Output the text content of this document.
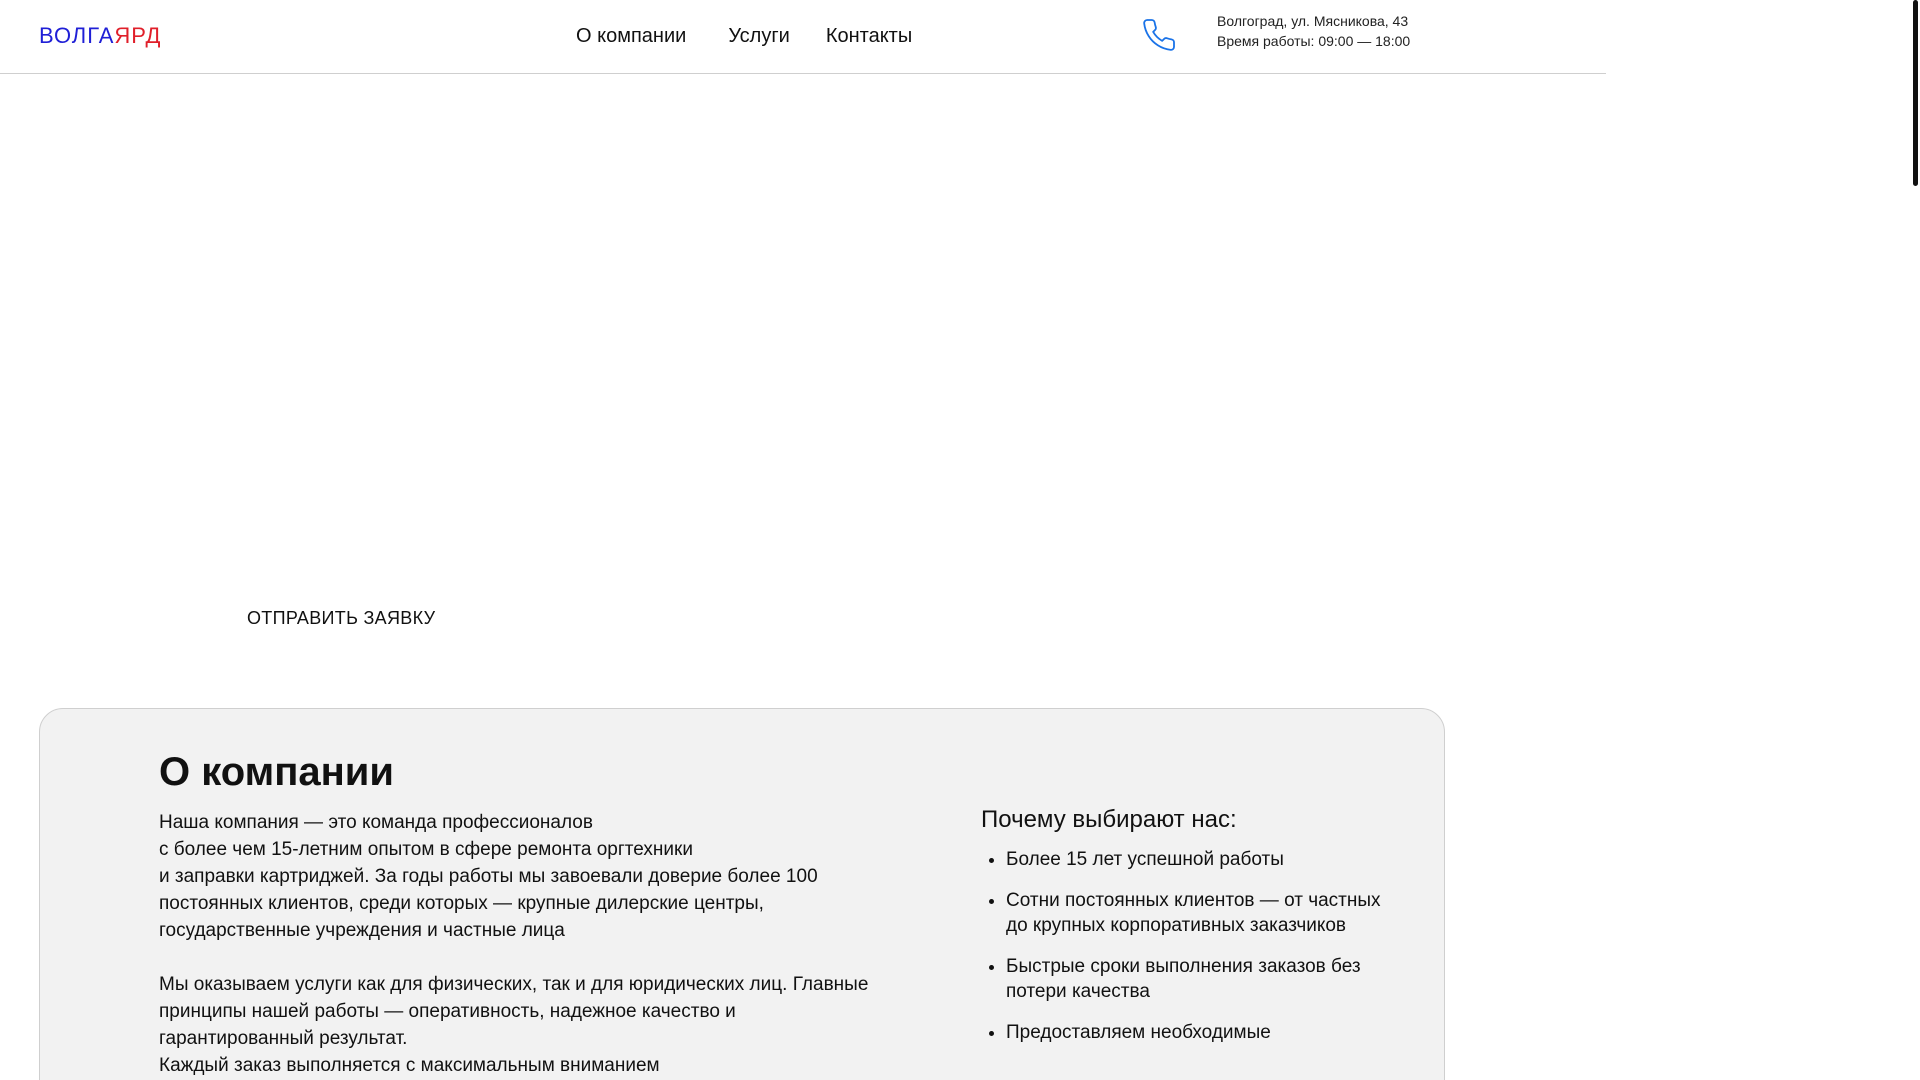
ВОЛГАЯРД	О компании Услуги Контакты
Волгоград, ул. Мясникова, 43
Время работы: 09:00 — 18:00
ОТПРАВИТЬ ЗАЯВКУ
О компании

Наша компания — это команда профессионалов
с более чем 15-летним опытом в сфере ремонта оргтехники
и заправки картриджей. За годы работы мы завоевали доверие более 100 постоянных клиентов, среди которых — крупные дилерские центры, государственные учреждения и частные лица

Мы оказываем услуги как для физических, так и для юридических лиц. Главные принципы нашей работы — оперативность, надежное качество и гарантированный результат.
Каждый заказ выполняется с максимальным вниманием

Почему выбирают нас:
• Более 15 лет успешной работы
• Сотни постоянных клиентов — от частных до крупных корпоративных заказчиков
• Быстрые сроки выполнения заказов без потери качества
• Предоставляем необходимые
